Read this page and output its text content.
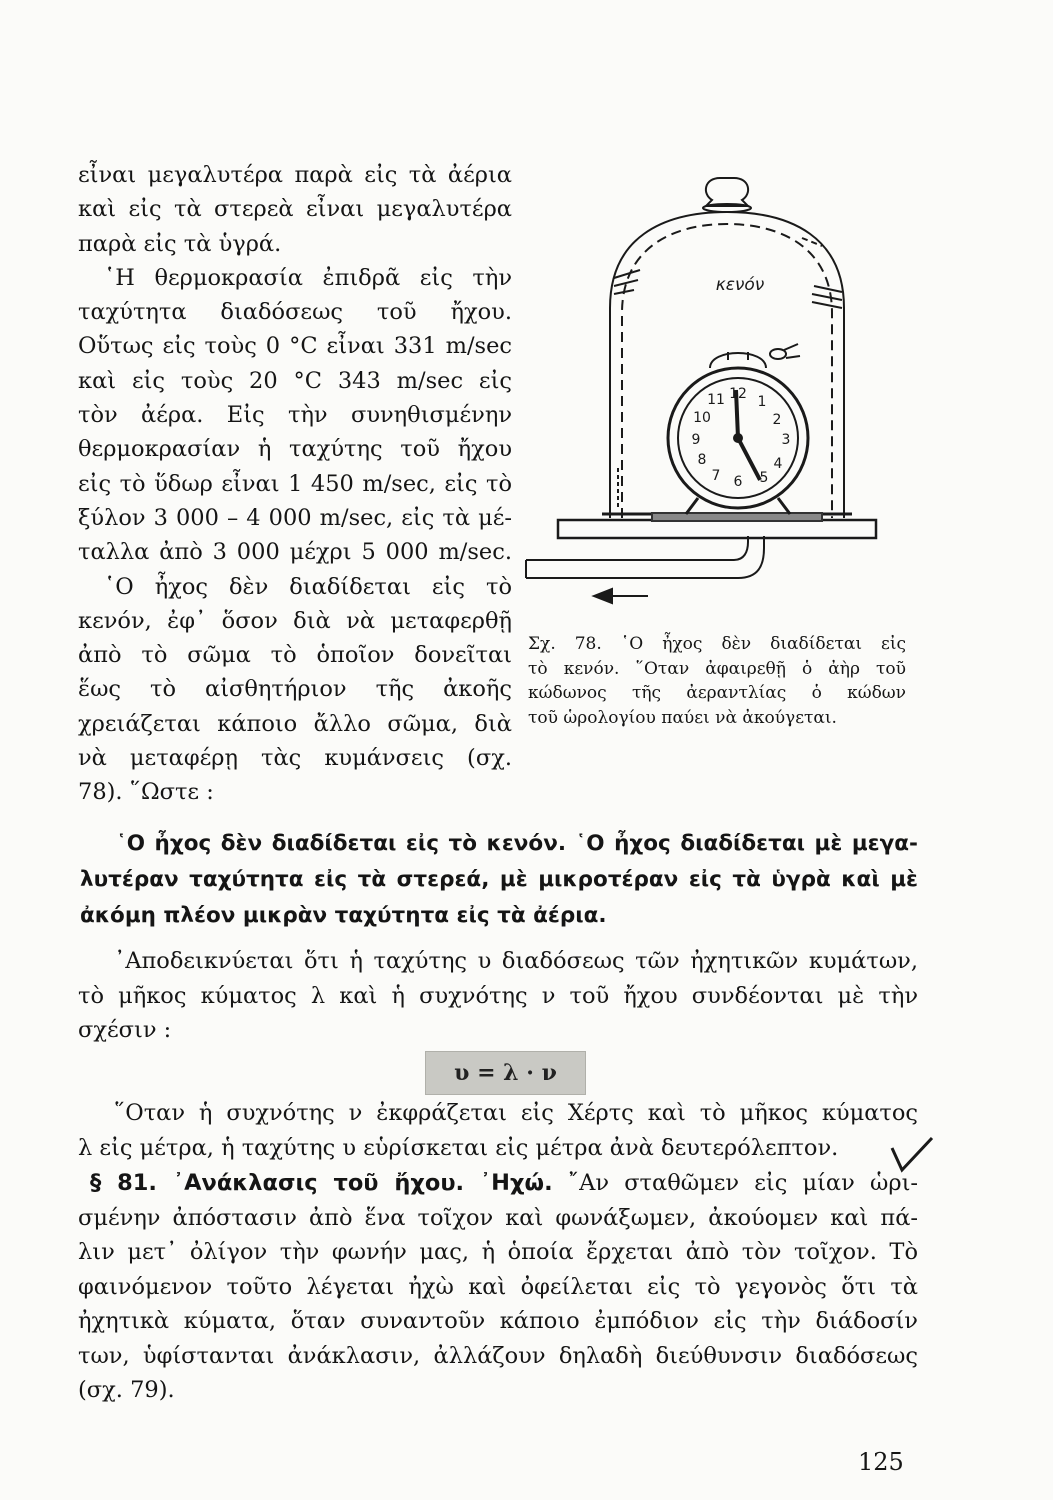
εἶναι μεγαλυτέρα παρὰ εἰς τὰ ἀέρια
καὶ εἰς τὰ στερεὰ εἶναι μεγαλυτέρα
παρὰ εἰς τὰ ὑγρά.
῾Η θερμοκρασία ἐπιδρᾶ εἰς τὴν
ταχύτητα διαδόσεως τοῦ ἤχου.
Οὕτως εἰς τοὺς 0 °C εἶναι 331 m/sec
καὶ εἰς τοὺς 20 °C 343 m/sec εἰς
τὸν ἀέρα. Εἰς τὴν συνηθισμένην
θερμοκρασίαν ἡ ταχύτης τοῦ ἤχου
εἰς τὸ ὕδωρ εἶναι 1 450 m/sec, εἰς τὸ
ξύλον 3 000 – 4 000 m/sec, εἰς τὰ μέ-
ταλλα ἀπὸ 3 000 μέχρι 5 000 m/sec.
῾Ο ἦχος δὲν διαδίδεται εἰς τὸ
κενόν, ἐφ᾽ ὅσον διὰ νὰ μεταφερθῇ
ἀπὸ τὸ σῶμα τὸ ὁποῖον δονεῖται
ἕως τὸ αἰσθητήριον τῆς ἀκοῆς
χρειάζεται κάποιο ἄλλο σῶμα, διὰ
νὰ μεταφέρῃ τὰς κυμάνσεις (σχ.
78). ῞Ωστε :
12 1
2
3
4
5
6
7
8
9
10
11
κενόν
Σχ. 78. ῾Ο ἦχος δὲν διαδίδεται εἰς
τὸ κενόν. ῞Οταν ἀφαιρεθῇ ὁ ἀὴρ τοῦ
κώδωνος τῆς ἀεραντλίας ὁ κώδων
τοῦ ὡρολογίου παύει νὰ ἀκούγεται.
῾Ο ἦχος δὲν διαδίδεται εἰς τὸ κενόν. ῾Ο ἦχος διαδίδεται μὲ μεγα-
λυτέραν ταχύτητα εἰς τὰ στερεά, μὲ μικροτέραν εἰς τὰ ὑγρὰ καὶ μὲ
ἀκόμη πλέον μικρὰν ταχύτητα εἰς τὰ ἀέρια.
᾽Αποδεικνύεται ὅτι ἡ ταχύτης υ διαδόσεως τῶν ἠχητικῶν κυμάτων,
τὸ μῆκος κύματος λ καὶ ἡ συχνότης ν τοῦ ἤχου συνδέονται μὲ τὴν
σχέσιν :
υ = λ · ν
῞Οταν ἡ συχνότης ν ἐκφράζεται εἰς Χέρτς καὶ τὸ μῆκος κύματος
λ εἰς μέτρα, ἡ ταχύτης υ εὑρίσκεται εἰς μέτρα ἀνὰ δευτερόλεπτον.
§ 81. ᾽Ανάκλασις τοῦ ἤχου. ᾽Ηχώ. ῎Αν σταθῶμεν εἰς μίαν ὡρι-
σμένην ἀπόστασιν ἀπὸ ἕνα τοῖχον καὶ φωνάξωμεν, ἀκούομεν καὶ πά-
λιν μετ᾽ ὀλίγον τὴν φωνήν μας, ἡ ὁποία ἔρχεται ἀπὸ τὸν τοῖχον. Τὸ
φαινόμενον τοῦτο λέγεται ἠχὼ καὶ ὀφείλεται εἰς τὸ γεγονὸς ὅτι τὰ
ἠχητικὰ κύματα, ὅταν συναντοῦν κάποιο ἐμπόδιον εἰς τὴν διάδοσίν
των, ὑφίστανται ἀνάκλασιν, ἀλλάζουν δηλαδὴ διεύθυνσιν διαδόσεως
(σχ. 79).
125
